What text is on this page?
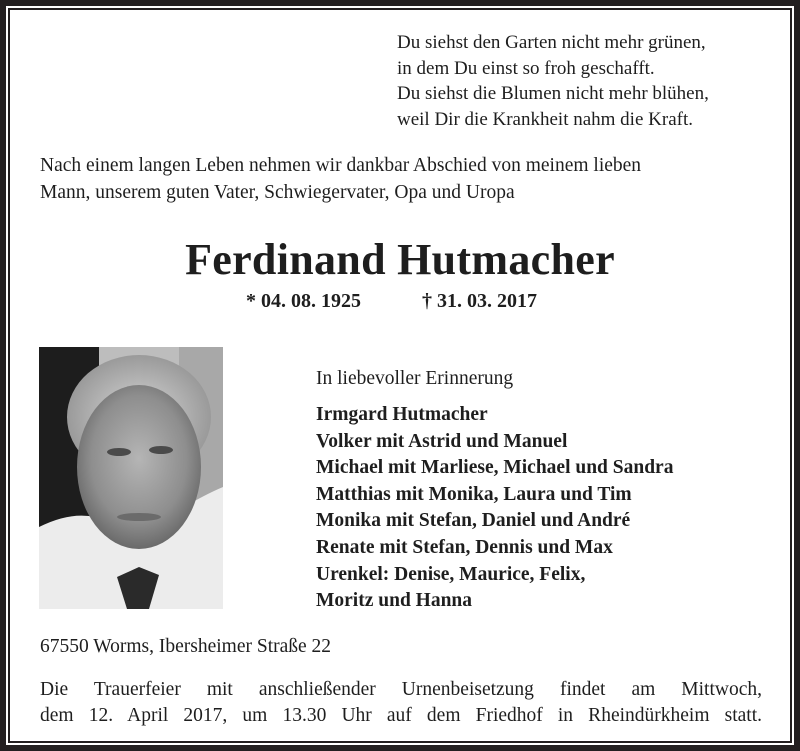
Du siehst den Garten nicht mehr grünen,
in dem Du einst so froh geschafft.
Du siehst die Blumen nicht mehr blühen,
weil Dir die Krankheit nahm die Kraft.
Nach einem langen Leben nehmen wir dankbar Abschied von meinem lieben
Mann, unserem guten Vater, Schwiegervater, Opa und Uropa
Ferdinand Hutmacher
* 04. 08. 1925	† 31. 03. 2017
In liebevoller Erinnerung
Irmgard Hutmacher
Volker mit Astrid und Manuel
Michael mit Marliese, Michael und Sandra
Matthias mit Monika, Laura und Tim
Monika mit Stefan, Daniel und André
Renate mit Stefan, Dennis und Max
Urenkel: Denise, Maurice, Felix,
Moritz und Hanna
67550 Worms, Ibersheimer Straße 22
Die Trauerfeier mit anschließender Urnenbeisetzung findet am Mittwoch,
dem 12. April 2017, um 13.30 Uhr auf dem Friedhof in Rheindürkheim statt.
